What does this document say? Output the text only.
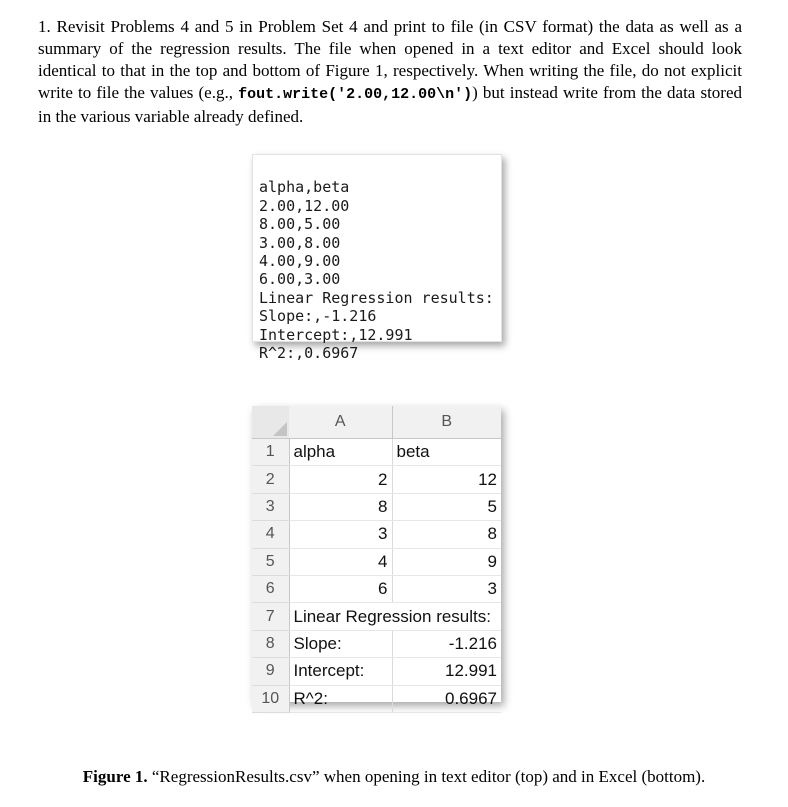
1. Revisit Problems 4 and 5 in Problem Set 4 and print to file (in CSV format) the data as well as a summary of the regression results. The file when opened in a text editor and Excel should look identical to that in the top and bottom of Figure 1, respectively. When writing the file, do not explicit write to file the values (e.g., fout.write('2.00,12.00\n')) but instead write from the data stored in the various variable already defined.

alpha,beta
2.00,12.00
8.00,5.00
3.00,8.00
4.00,9.00
6.00,3.00
Linear Regression results:
Slope:,-1.216
Intercept:,12.991
R^2:,0.6967

	A	B
1	alpha	beta
2	2	12
3	8	5
4	3	8
5	4	9
6	6	3
7	Linear Regression results:	
8	Slope:	-1.216
9	Intercept:	12.991
10	R^2:	0.6967
Figure 1. “RegressionResults.csv” when opening in text editor (top) and in Excel (bottom).
